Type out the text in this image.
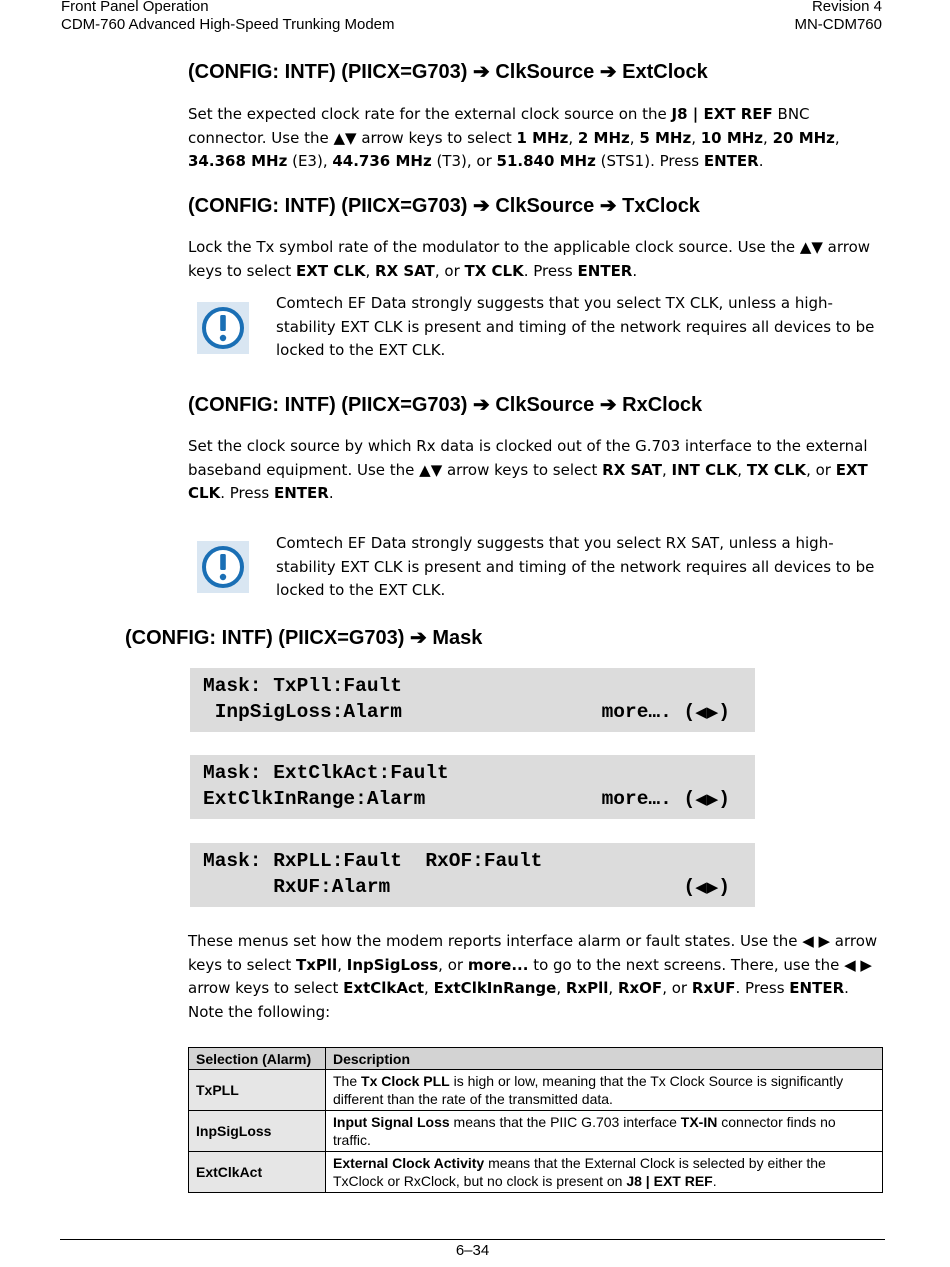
Front Panel Operation
CDM-760 Advanced High-Speed Trunking Modem
Revision 4
MN-CDM760
(CONFIG: INTF) (PIICX=G703) ➔ ClkSource ➔ ExtClock
Set the expected clock rate for the external clock source on the J8 | EXT REF BNC connector. Use the ▲▼ arrow keys to select 1 MHz, 2 MHz, 5 MHz, 10 MHz, 20 MHz, 34.368 MHz (E3), 44.736 MHz (T3), or 51.840 MHz (STS1). Press ENTER.
(CONFIG: INTF) (PIICX=G703) ➔ ClkSource ➔ TxClock
Lock the Tx symbol rate of the modulator to the applicable clock source. Use the ▲▼ arrow keys to select EXT CLK, RX SAT, or TX CLK. Press ENTER.
Comtech EF Data strongly suggests that you select TX CLK, unless a high-stability EXT CLK is present and timing of the network requires all devices to be locked to the EXT CLK.
(CONFIG: INTF) (PIICX=G703) ➔ ClkSource ➔ RxClock
Set the clock source by which Rx data is clocked out of the G.703 interface to the external baseband equipment. Use the ▲▼ arrow keys to select RX SAT, INT CLK, TX CLK, or EXT CLK. Press ENTER.
Comtech EF Data strongly suggests that you select RX SAT, unless a high-stability EXT CLK is present and timing of the network requires all devices to be locked to the EXT CLK.
(CONFIG: INTF) (PIICX=G703) ➔ Mask
Mask: TxPll:Fault
InpSigLoss:Alarm	more…. (◀▶)
Mask: ExtClkAct:Fault
ExtClkInRange:Alarm	more…. (◀▶)
Mask: RxPLL:Fault  RxOF:Fault
RxUF:Alarm	(◀▶)
These menus set how the modem reports interface alarm or fault states. Use the ◀ ▶ arrow keys to select TxPll, InpSigLoss, or more... to go to the next screens. There, use the ◀ ▶ arrow keys to select ExtClkAct, ExtClkInRange, RxPll, RxOF, or RxUF. Press ENTER. Note the following:
Selection (Alarm)	Description
TxPLL	The Tx Clock PLL is high or low, meaning that the Tx Clock Source is significantly different than the rate of the transmitted data.
InpSigLoss	Input Signal Loss means that the PIIC G.703 interface TX-IN connector finds no traffic.
ExtClkAct	External Clock Activity means that the External Clock is selected by either the TxClock or RxClock, but no clock is present on J8 | EXT REF.
6–34
